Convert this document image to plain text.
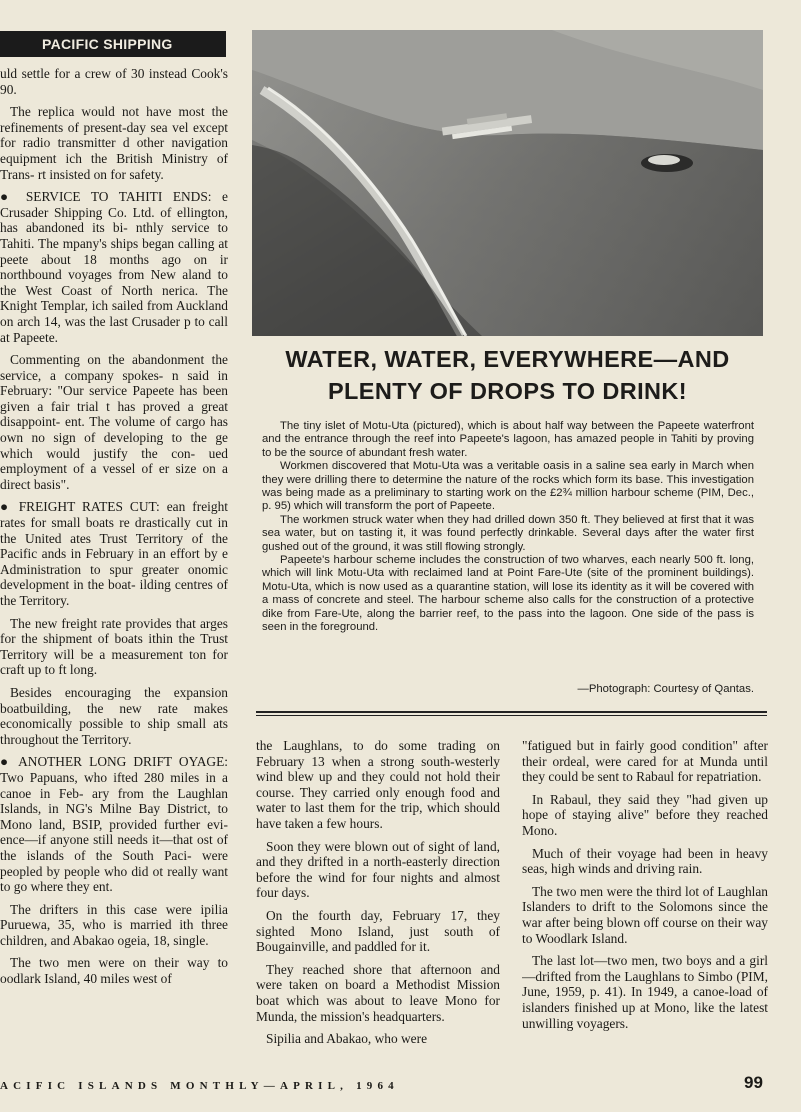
PACIFIC SHIPPING

uld settle for a crew of 30 instead Cook's 90.

The replica would not have most the refinements of present-day sea vel except for radio transmitter d other navigation equipment ich the British Ministry of Trans- rt insisted on for safety.

● SERVICE TO TAHITI ENDS: e Crusader Shipping Co. Ltd. of ellington, has abandoned its bi- nthly service to Tahiti. The mpany's ships began calling at peete about 18 months ago on ir northbound voyages from New aland to the West Coast of North nerica. The Knight Templar, ich sailed from Auckland on arch 14, was the last Crusader p to call at Papeete.

Commenting on the abandonment the service, a company spokes- n said in February: "Our service Papeete has been given a fair trial t has proved a great disappoint- ent. The volume of cargo has own no sign of developing to the ge which would justify the con- ued employment of a vessel of er size on a direct basis".

● FREIGHT RATES CUT: ean freight rates for small boats re drastically cut in the United ates Trust Territory of the Pacific ands in February in an effort by e Administration to spur greater onomic development in the boat- ilding centres of the Territory.

The new freight rate provides that arges for the shipment of boats ithin the Trust Territory will be a measurement ton for craft up to ft long.

Besides encouraging the expansion boatbuilding, the new rate makes economically possible to ship small ats throughout the Territory.

● ANOTHER LONG DRIFT OYAGE: Two Papuans, who ifted 280 miles in a canoe in Feb- ary from the Laughlan Islands, in NG's Milne Bay District, to Mono land, BSIP, provided further evi- ence—if anyone still needs it—that ost of the islands of the South Paci- were peopled by people who did ot really want to go where they ent.

The drifters in this case were ipilia Puruewa, 35, who is married ith three children, and Abakao ogeia, 18, single.

The two men were on their way to oodlark Island, 40 miles west of

WATER, WATER, EVERYWHERE—AND
PLENTY OF DROPS TO DRINK!

The tiny islet of Motu-Uta (pictured), which is about half way between the Papeete waterfront and the entrance through the reef into Papeete's lagoon, has amazed people in Tahiti by proving to be the source of abundant fresh water.

Workmen discovered that Motu-Uta was a veritable oasis in a saline sea early in March when they were drilling there to determine the nature of the rocks which form its base. This investigation was being made as a preliminary to starting work on the £2¾ million harbour scheme (PIM, Dec., p. 95) which will transform the port of Papeete.

The workmen struck water when they had drilled down 350 ft. They believed at first that it was sea water, but on tasting it, it was found perfectly drinkable. Several days after the water first gushed out of the ground, it was still flowing strongly.

Papeete's harbour scheme includes the construction of two wharves, each nearly 500 ft. long, which will link Motu-Uta with reclaimed land at Point Fare-Ute (site of the prominent buildings). Motu-Uta, which is now used as a quarantine station, will lose its identity as it will be covered with a mass of concrete and steel. The harbour scheme also calls for the construction of a protective dike from Fare-Ute, along the barrier reef, to the pass into the lagoon. One side of the pass is seen in the foreground.

—Photograph: Courtesy of Qantas.

the Laughlans, to do some trading on February 13 when a strong south-westerly wind blew up and they could not hold their course. They carried only enough food and water to last them for the trip, which should have taken a few hours.

Soon they were blown out of sight of land, and they drifted in a north-easterly direction before the wind for four nights and almost four days.

On the fourth day, February 17, they sighted Mono Island, just south of Bougainville, and paddled for it.

They reached shore that afternoon and were taken on board a Methodist Mission boat which was about to leave Mono for Munda, the mission's headquarters.

Sipilia and Abakao, who were

"fatigued but in fairly good condition" after their ordeal, were cared for at Munda until they could be sent to Rabaul for repatriation.

In Rabaul, they said they "had given up hope of staying alive" before they reached Mono.

Much of their voyage had been in heavy seas, high winds and driving rain.

The two men were the third lot of Laughlan Islanders to drift to the Solomons since the war after being blown off course on their way to Woodlark Island.

The last lot—two men, two boys and a girl—drifted from the Laughlans to Simbo (PIM, June, 1959, p. 41). In 1949, a canoe-load of islanders finished up at Mono, like the latest unwilling voyagers.

ACIFIC ISLANDS MONTHLY—APRIL, 1964	99
